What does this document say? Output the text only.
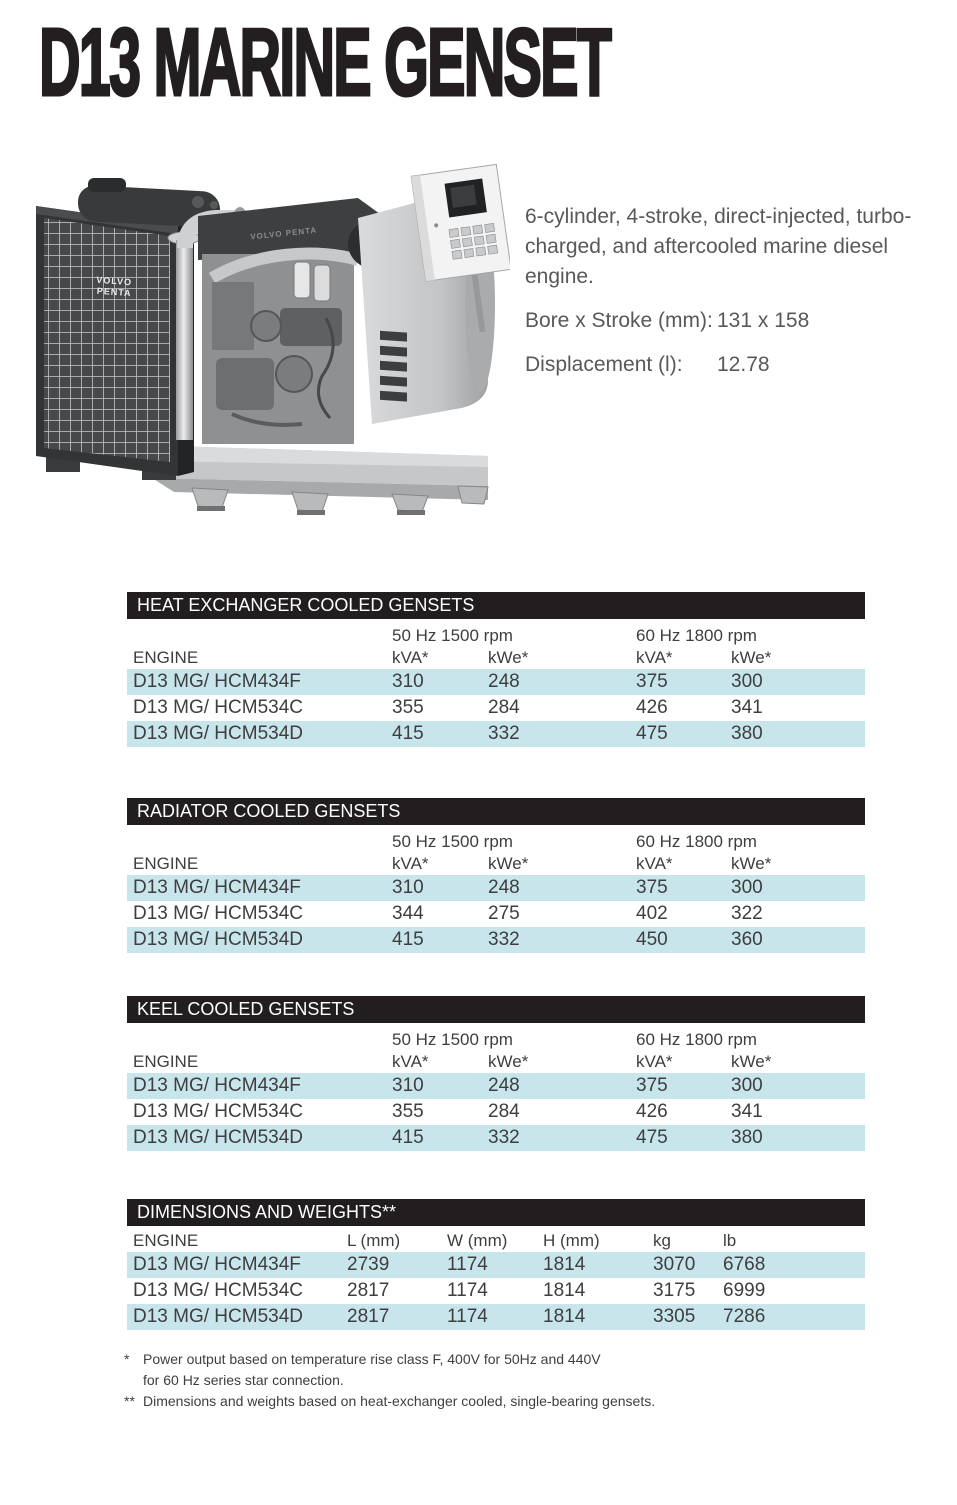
D13 MARINE GENSET
VOLVO
PENTA
VOLVO PENTA

6-cylinder, 4-stroke, direct-injected, turbo-charged, and aftercooled marine diesel engine.

Bore x Stroke (mm): 131 x 158
Displacement (l):	12.78
HEAT EXCHANGER COOLED GENSETS
50 Hz 1500 rpm	60 Hz 1800 rpm
ENGINE	kVA*	kWe*	kVA*	kWe*
D13 MG/ HCM434F	310	248	375	300
D13 MG/ HCM534C	355	284	426	341
D13 MG/ HCM534D	415	332	475	380
RADIATOR COOLED GENSETS
50 Hz 1500 rpm	60 Hz 1800 rpm
ENGINE	kVA*	kWe*	kVA*	kWe*
D13 MG/ HCM434F	310	248	375	300
D13 MG/ HCM534C	344	275	402	322
D13 MG/ HCM534D	415	332	450	360
KEEL COOLED GENSETS
50 Hz 1500 rpm	60 Hz 1800 rpm
ENGINE	kVA*	kWe*	kVA*	kWe*
D13 MG/ HCM434F	310	248	375	300
D13 MG/ HCM534C	355	284	426	341
D13 MG/ HCM534D	415	332	475	380
DIMENSIONS AND WEIGHTS**
ENGINE	L (mm)	W (mm)	H (mm)	kg	lb
D13 MG/ HCM434F	2739	1174	1814	3070	6768
D13 MG/ HCM534C	2817	1174	1814	3175	6999
D13 MG/ HCM534D	2817	1174	1814	3305	7286
* Power output based on temperature rise class F, 400V for 50Hz and 440V
for 60 Hz series star connection.
** Dimensions and weights based on heat-exchanger cooled, single-bearing gensets.
